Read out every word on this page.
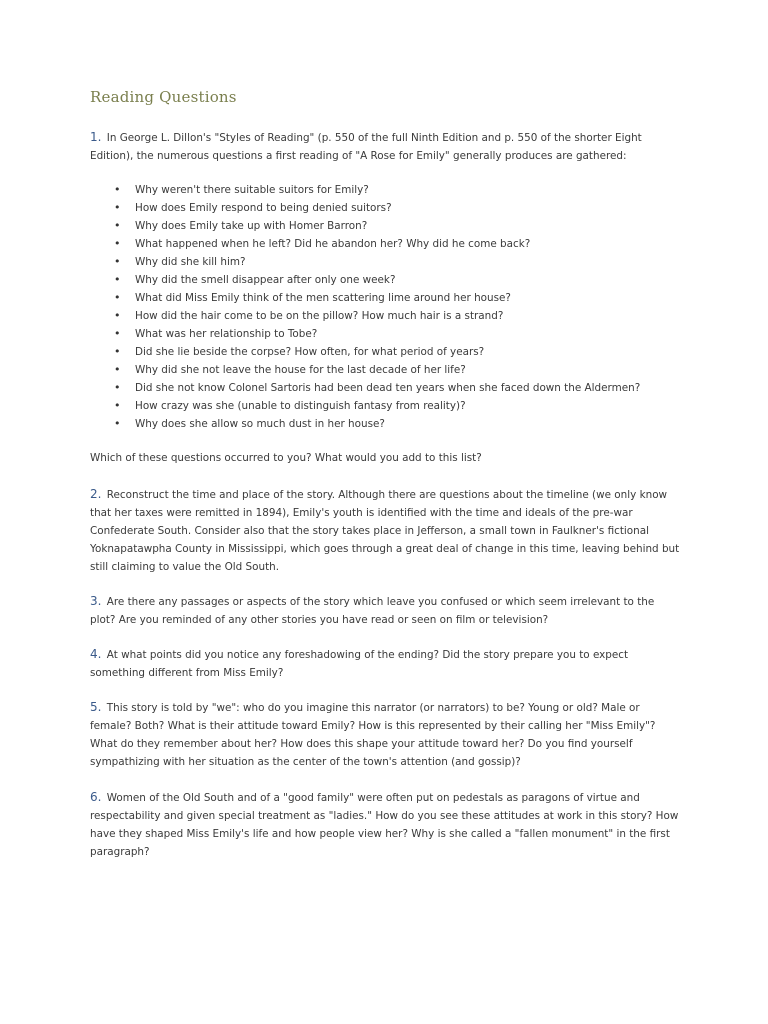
Reading Questions

1. In George L. Dillon's "Styles of Reading" (p. 550 of the full Ninth Edition and p. 550 of the shorter Eight Edition), the numerous questions a first reading of "A Rose for Emily" generally produces are gathered:

• Why weren't there suitable suitors for Emily?
• How does Emily respond to being denied suitors?
• Why does Emily take up with Homer Barron?
• What happened when he left? Did he abandon her? Why did he come back?
• Why did she kill him?
• Why did the smell disappear after only one week?
• What did Miss Emily think of the men scattering lime around her house?
• How did the hair come to be on the pillow? How much hair is a strand?
• What was her relationship to Tobe?
• Did she lie beside the corpse? How often, for what period of years?
• Why did she not leave the house for the last decade of her life?
• Did she not know Colonel Sartoris had been dead ten years when she faced down the Aldermen?
• How crazy was she (unable to distinguish fantasy from reality)?
• Why does she allow so much dust in her house?

Which of these questions occurred to you? What would you add to this list?

2. Reconstruct the time and place of the story. Although there are questions about the timeline (we only know that her taxes were remitted in 1894), Emily's youth is identified with the time and ideals of the pre-war Confederate South. Consider also that the story takes place in Jefferson, a small town in Faulkner's fictional Yoknapatawpha County in Mississippi, which goes through a great deal of change in this time, leaving behind but still claiming to value the Old South.

3. Are there any passages or aspects of the story which leave you confused or which seem irrelevant to the plot? Are you reminded of any other stories you have read or seen on film or television?

4. At what points did you notice any foreshadowing of the ending? Did the story prepare you to expect something different from Miss Emily?

5. This story is told by "we": who do you imagine this narrator (or narrators) to be? Young or old? Male or female? Both? What is their attitude toward Emily? How is this represented by their calling her "Miss Emily"? What do they remember about her? How does this shape your attitude toward her? Do you find yourself sympathizing with her situation as the center of the town's attention (and gossip)?

6. Women of the Old South and of a "good family" were often put on pedestals as paragons of virtue and respectability and given special treatment as "ladies." How do you see these attitudes at work in this story? How have they shaped Miss Emily's life and how people view her? Why is she called a "fallen monument" in the first paragraph?
